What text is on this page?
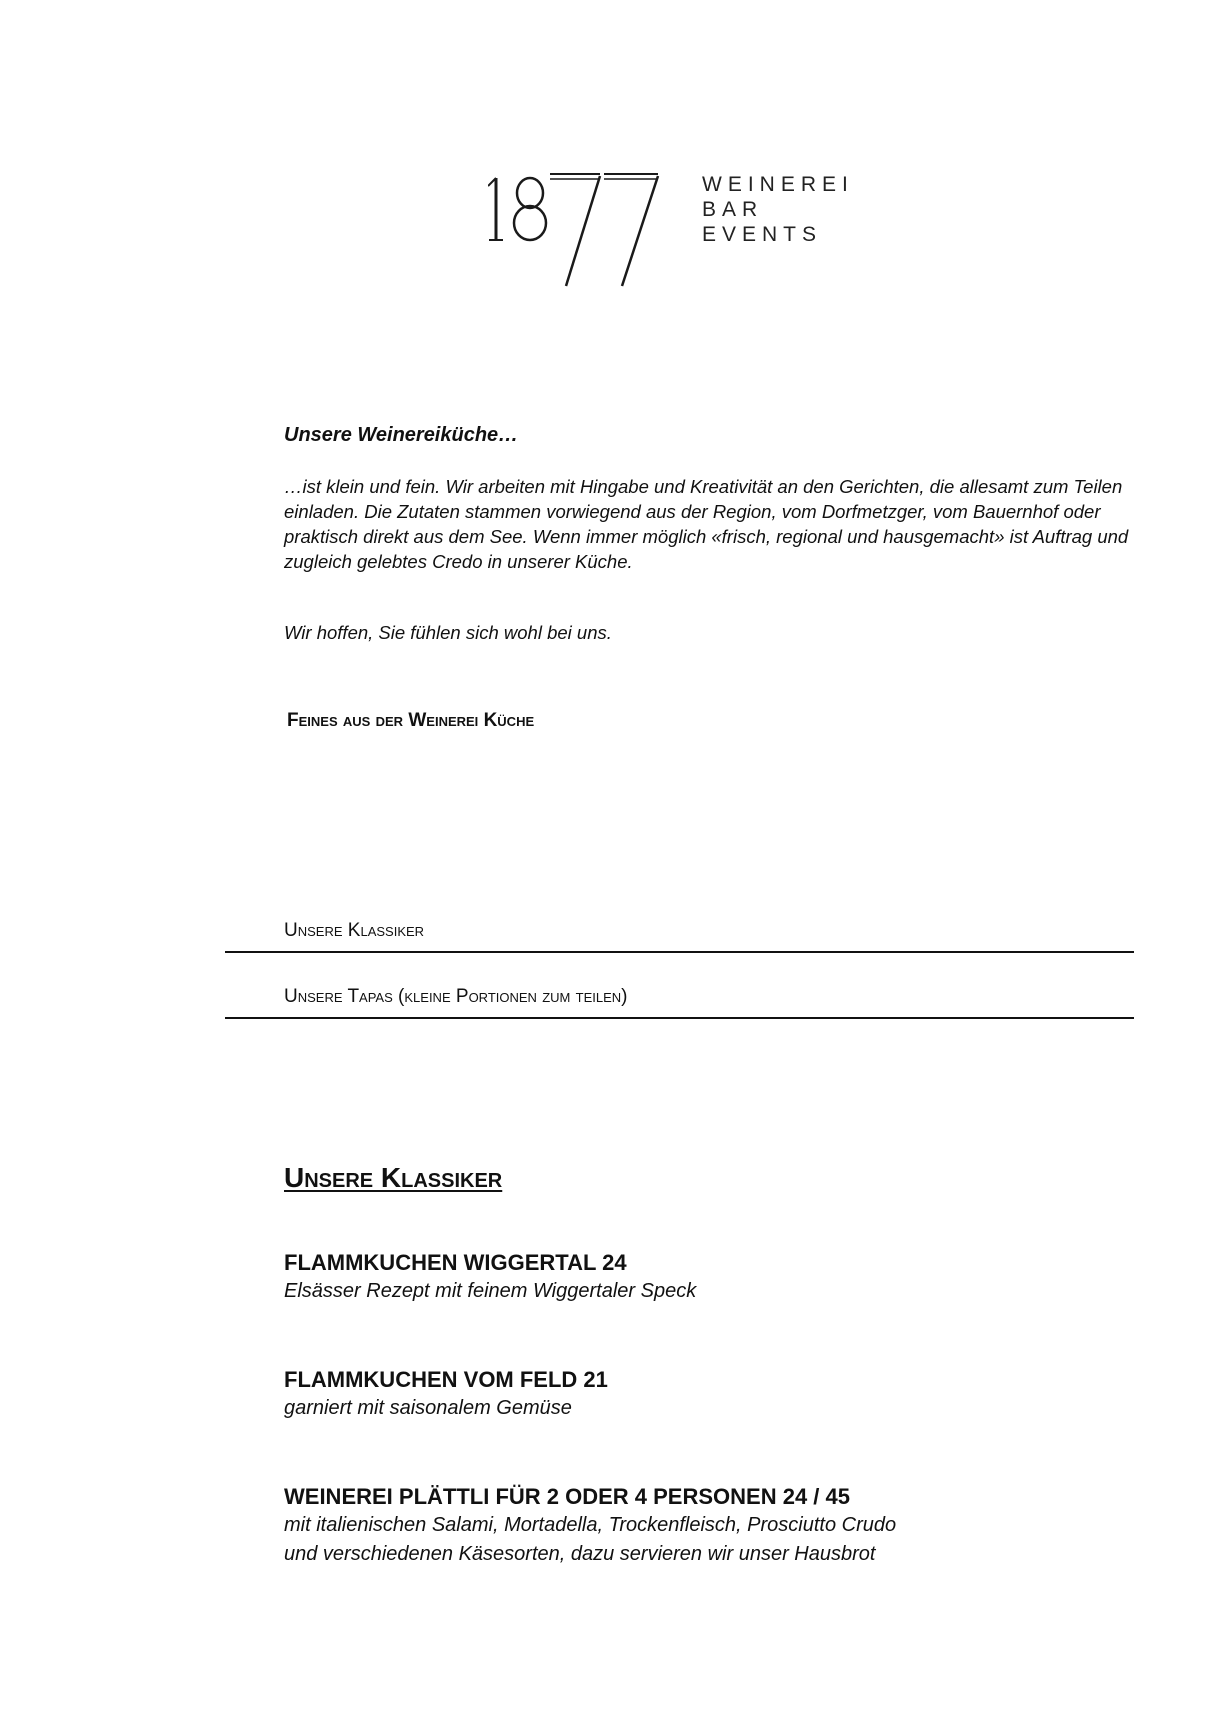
WEINEREI
BAR
EVENTS

Unsere Weinereiküche…

…ist klein und fein. Wir arbeiten mit Hingabe und Kreativität an den Gerichten, die allesamt zum Teilen einladen. Die Zutaten stammen vorwiegend aus der Region, vom Dorfmetzger, vom Bauernhof oder praktisch direkt aus dem See. Wenn immer möglich «frisch, regional und hausgemacht» ist Auftrag und zugleich gelebtes Credo in unserer Küche.

Wir hoffen, Sie fühlen sich wohl bei uns.

Feines aus der Weinerei Küche

Unsere Klassiker

Unsere Tapas (kleine Portionen zum teilen)

Unsere Klassiker

FLAMMKUCHEN WIGGERTAL 24

Elsässer Rezept mit feinem Wiggertaler Speck

FLAMMKUCHEN VOM FELD 21

garniert mit saisonalem Gemüse

WEINEREI PLÄTTLI FÜR 2 ODER 4 PERSONEN 24 / 45

mit italienischen Salami, Mortadella, Trockenfleisch, Prosciutto Crudo

und verschiedenen Käsesorten, dazu servieren wir unser Hausbrot
